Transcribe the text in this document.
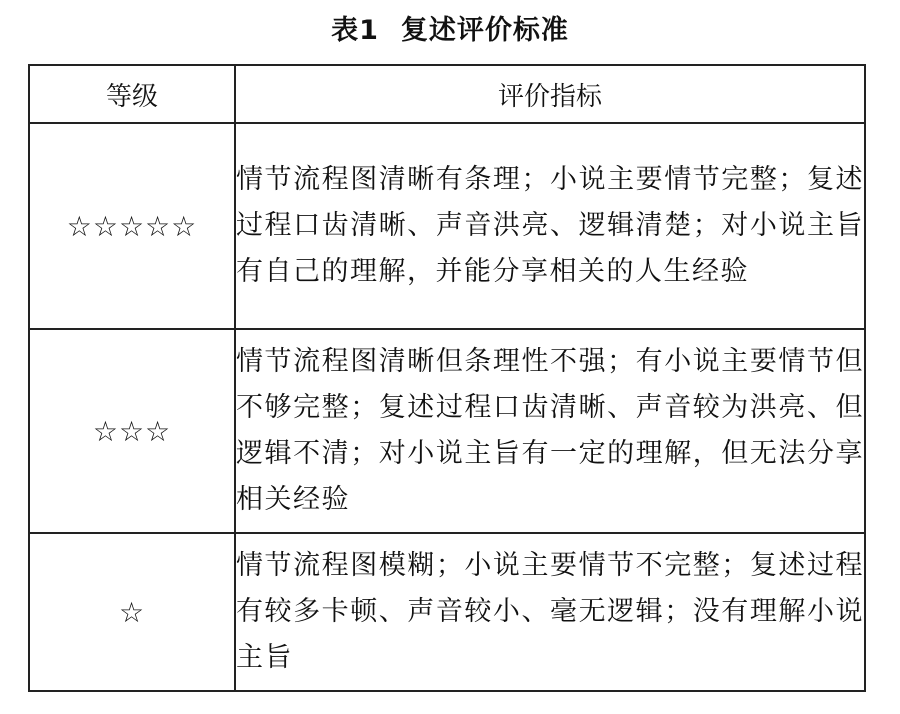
表1 复述评价标准
等级	评价指标
☆☆☆☆☆	情节流程图清晰有条理；小说主要情节完整；复述过程口齿清晰、声音洪亮、逻辑清楚；对小说主旨有自己的理解，并能分享相关的人生经验
☆☆☆	情节流程图清晰但条理性不强；有小说主要情节但不够完整；复述过程口齿清晰、声音较为洪亮、但逻辑不清；对小说主旨有一定的理解，但无法分享相关经验
☆	情节流程图模糊；小说主要情节不完整；复述过程有较多卡顿、声音较小、毫无逻辑；没有理解小说主旨
